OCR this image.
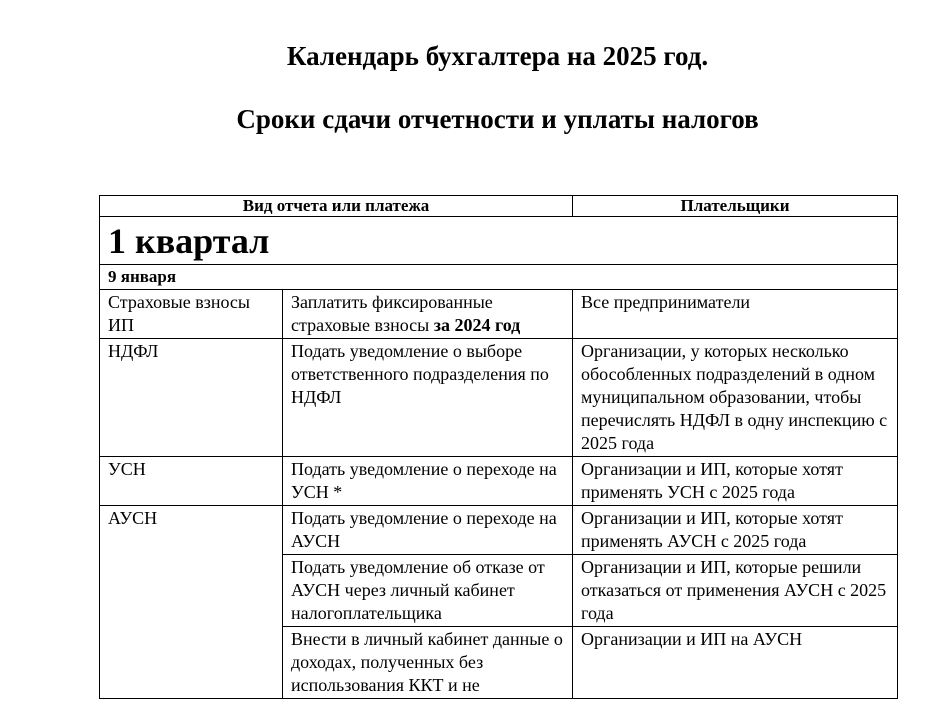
Календарь бухгалтера на 2025 год.
Сроки сдачи отчетности и уплаты налогов
Вид отчета или платежа		Плательщики
1 квартал		
9 января		
Страховые взносы ИП	Заплатить фиксированные страховые взносы за 2024 год	Все предприниматели
НДФЛ	Подать уведомление о выборе ответственного подразделения по НДФЛ	Организации, у которых несколько обособленных подразделений в одном муниципальном образовании, чтобы перечислять НДФЛ в одну инспекцию с 2025 года
УСН	Подать уведомление о переходе на УСН *	Организации и ИП, которые хотят применять УСН с 2025 года
АУСН	Подать уведомление о переходе на АУСН	Организации и ИП, которые хотят применять АУСН с 2025 года
	Подать уведомление об отказе от АУСН через личный кабинет налогоплательщика	Организации и ИП, которые решили отказаться от применения АУСН с 2025 года
	Внести в личный кабинет данные о доходах, полученных без использования ККТ и не	Организации и ИП на АУСН
